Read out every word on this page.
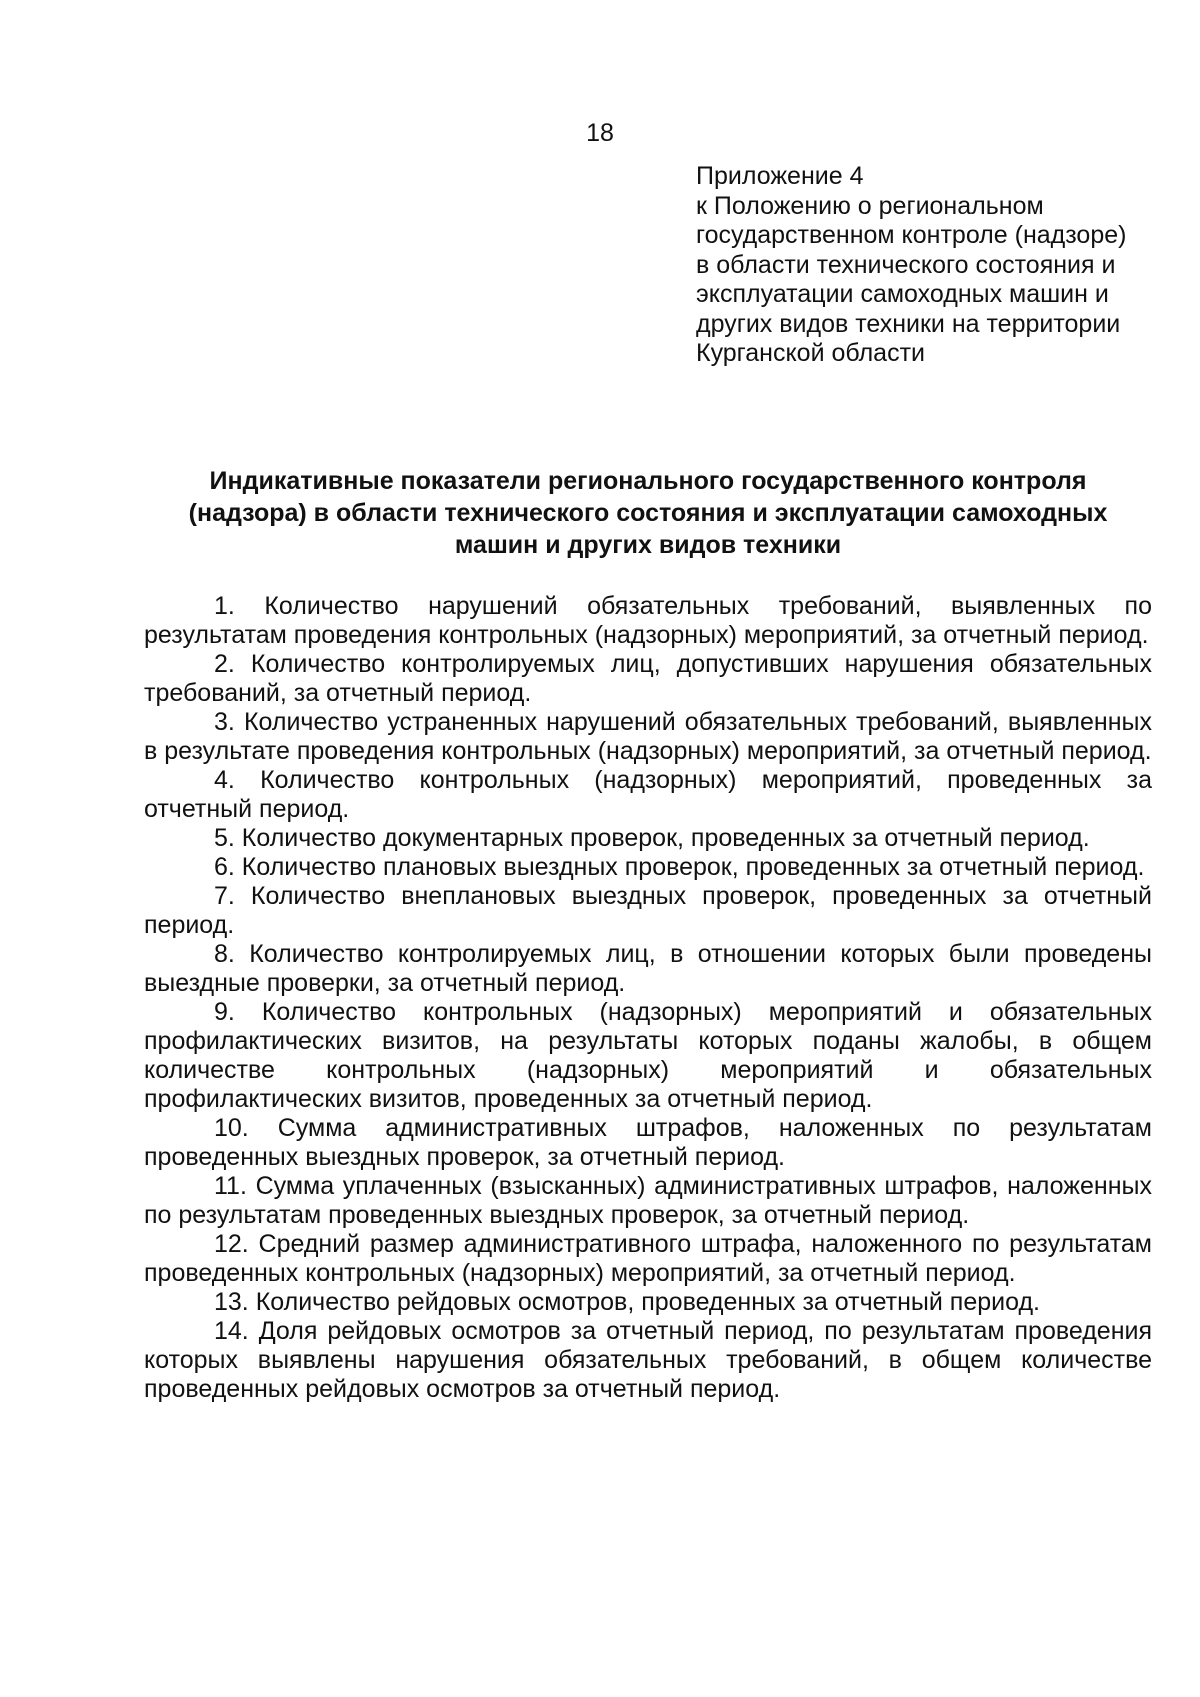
18
Приложение 4
к Положению о региональном
государственном контроле (надзоре)
в области технического состояния и
эксплуатации самоходных машин и
других видов техники на территории
Курганской области
Индикативные показатели регионального государственного контроля
(надзора) в области технического состояния и эксплуатации самоходных
машин и других видов техники

1. Количество нарушений обязательных требований, выявленных по результатам проведения контрольных (надзорных) мероприятий, за отчетный период.

2. Количество контролируемых лиц, допустивших нарушения обязательных требований, за отчетный период.

3. Количество устраненных нарушений обязательных требований, выявленных в результате проведения контрольных (надзорных) мероприятий, за отчетный период.

4. Количество контрольных (надзорных) мероприятий, проведенных за отчетный период.

5. Количество документарных проверок, проведенных за отчетный период.

6. Количество плановых выездных проверок, проведенных за отчетный период.

7. Количество внеплановых выездных проверок, проведенных за отчетный период.

8. Количество контролируемых лиц, в отношении которых были проведены выездные проверки, за отчетный период.

9. Количество контрольных (надзорных) мероприятий и обязательных профилактических визитов, на результаты которых поданы жалобы, в общем количестве контрольных (надзорных) мероприятий и обязательных профилактических визитов, проведенных за отчетный период.

10. Сумма административных штрафов, наложенных по результатам проведенных выездных проверок, за отчетный период.

11. Сумма уплаченных (взысканных) административных штрафов, наложенных по результатам проведенных выездных проверок, за отчетный период.

12. Средний размер административного штрафа, наложенного по результатам проведенных контрольных (надзорных) мероприятий, за отчетный период.

13. Количество рейдовых осмотров, проведенных за отчетный период.

14. Доля рейдовых осмотров за отчетный период, по результатам проведения которых выявлены нарушения обязательных требований, в общем количестве проведенных рейдовых осмотров за отчетный период.
